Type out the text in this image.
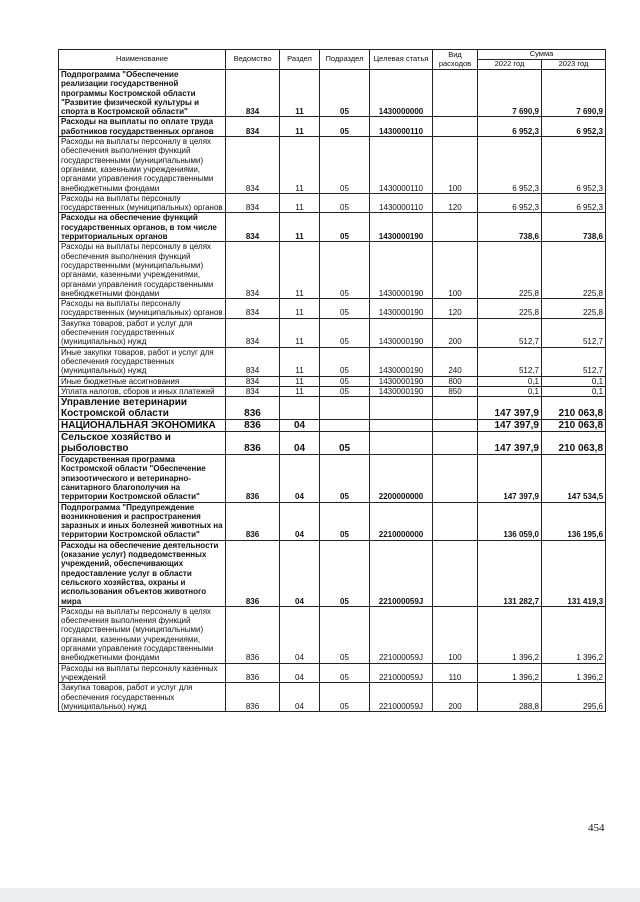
Наименование	Ведомство	Раздел	Подраздел	Целевая статья	Вид расходов	Сумма	
						2022 год	2023 год
Подпрограмма "Обеспечение реализации государственной программы Костромской области "Развитие физической культуры и спорта в Костромской области"	834	11	05	1430000000		7 690,9	7 690,9
Расходы на выплаты по оплате труда работников государственных органов	834	11	05	1430000110		6 952,3	6 952,3
Расходы на выплаты персоналу в целях обеспечения выполнения функций государственными (муниципальными) органами, казенными учреждениями, органами управления государственными внебюджетными фондами	834	11	05	1430000110	100	6 952,3	6 952,3
Расходы на выплаты персоналу государственных (муниципальных) органов	834	11	05	1430000110	120	6 952,3	6 952,3
Расходы на обеспечение функций государственных органов, в том числе территориальных органов	834	11	05	1430000190		738,6	738,6
Расходы на выплаты персоналу в целях обеспечения выполнения функций государственными (муниципальными) органами, казенными учреждениями, органами управления государственными внебюджетными фондами	834	11	05	1430000190	100	225,8	225,8
Расходы на выплаты персоналу государственных (муниципальных) органов	834	11	05	1430000190	120	225,8	225,8
Закупка товаров, работ и услуг для обеспечения государственных (муниципальных) нужд	834	11	05	1430000190	200	512,7	512,7
Иные закупки товаров, работ и услуг для обеспечения государственных (муниципальных) нужд	834	11	05	1430000190	240	512,7	512,7
Иные бюджетные ассигнования	834	11	05	1430000190	800	0,1	0,1
Уплата налогов, сборов и иных платежей	834	11	05	1430000190	850	0,1	0,1
Управление ветеринарии Костромской области	836					147 397,9	210 063,8
НАЦИОНАЛЬНАЯ ЭКОНОМИКА	836	04				147 397,9	210 063,8
Сельское хозяйство и рыболовство	836	04	05			147 397,9	210 063,8
Государственная программа Костромской области "Обеспечение эпизоотического и ветеринарно-санитарного благополучия на территории Костромской области"	836	04	05	2200000000		147 397,9	147 534,5
Подпрограмма "Предупреждение возникновения и распространения заразных и иных болезней животных на территории Костромской области"	836	04	05	2210000000		136 059,0	136 195,6
Расходы на обеспечение деятельности (оказание услуг) подведомственных учреждений, обеспечивающих предоставление услуг в области сельского хозяйства, охраны и использования объектов животного мира	836	04	05	221000059J		131 282,7	131 419,3
Расходы на выплаты персоналу в целях обеспечения выполнения функций государственными (муниципальными) органами, казенными учреждениями, органами управления государственными внебюджетными фондами	836	04	05	221000059J	100	1 396,2	1 396,2
Расходы на выплаты персоналу казенных учреждений	836	04	05	221000059J	110	1 396,2	1 396,2
Закупка товаров, работ и услуг для обеспечения государственных (муниципальных) нужд	836	04	05	221000059J	200	288,8	295,6
454
